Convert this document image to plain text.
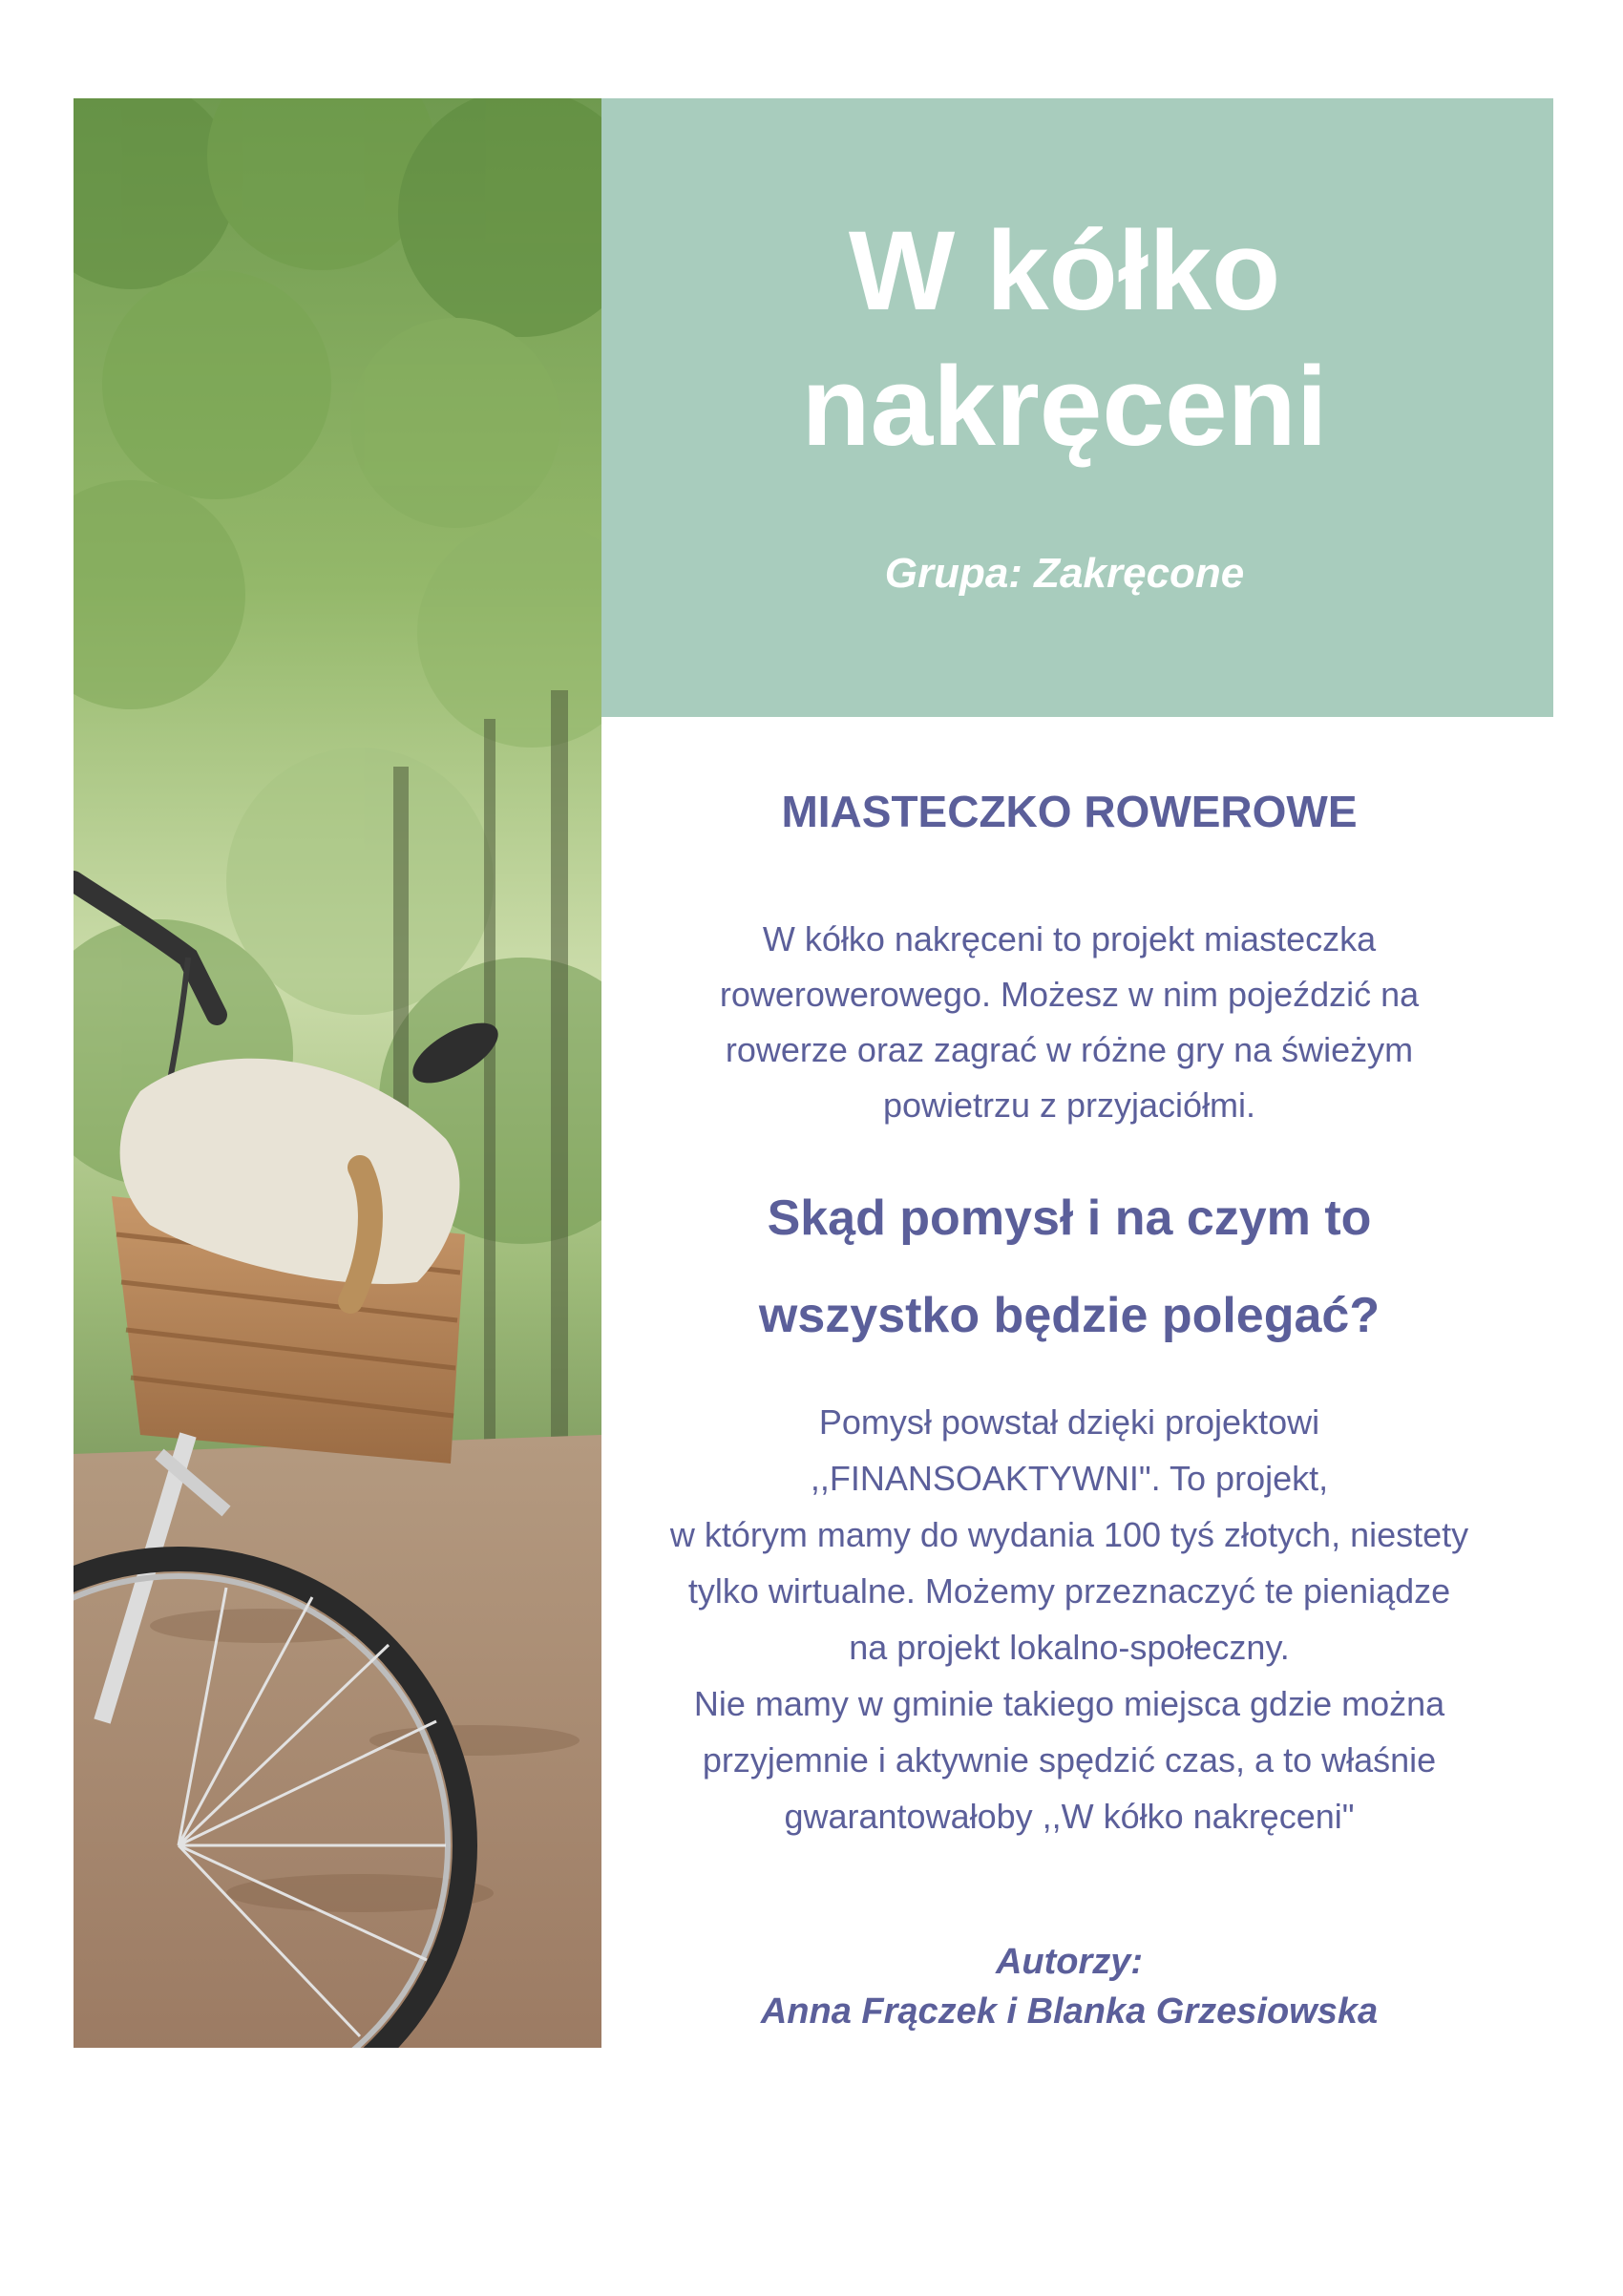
W kółko
nakręceni
Grupa: Zakręcone
MIASTECZKO ROWEROWE

W kółko nakręceni to projekt miasteczka
rowerowerowego. Możesz w nim pojeździć na
rowerze oraz zagrać w różne gry na świeżym
powietrzu z przyjaciółmi.

Skąd pomysł i na czym to
wszystko będzie polegać?

Pomysł powstał dzięki projektowi
,,FINANSOAKTYWNI". To projekt,
w którym mamy do wydania 100 tyś złotych, niestety
tylko wirtualne. Możemy przeznaczyć te pieniądze
na projekt lokalno-społeczny.
Nie mamy w gminie takiego miejsca gdzie można
przyjemnie i aktywnie spędzić czas, a to właśnie
gwarantowałoby ,,W kółko nakręceni"

Autorzy:
Anna Frączek i Blanka Grzesiowska
